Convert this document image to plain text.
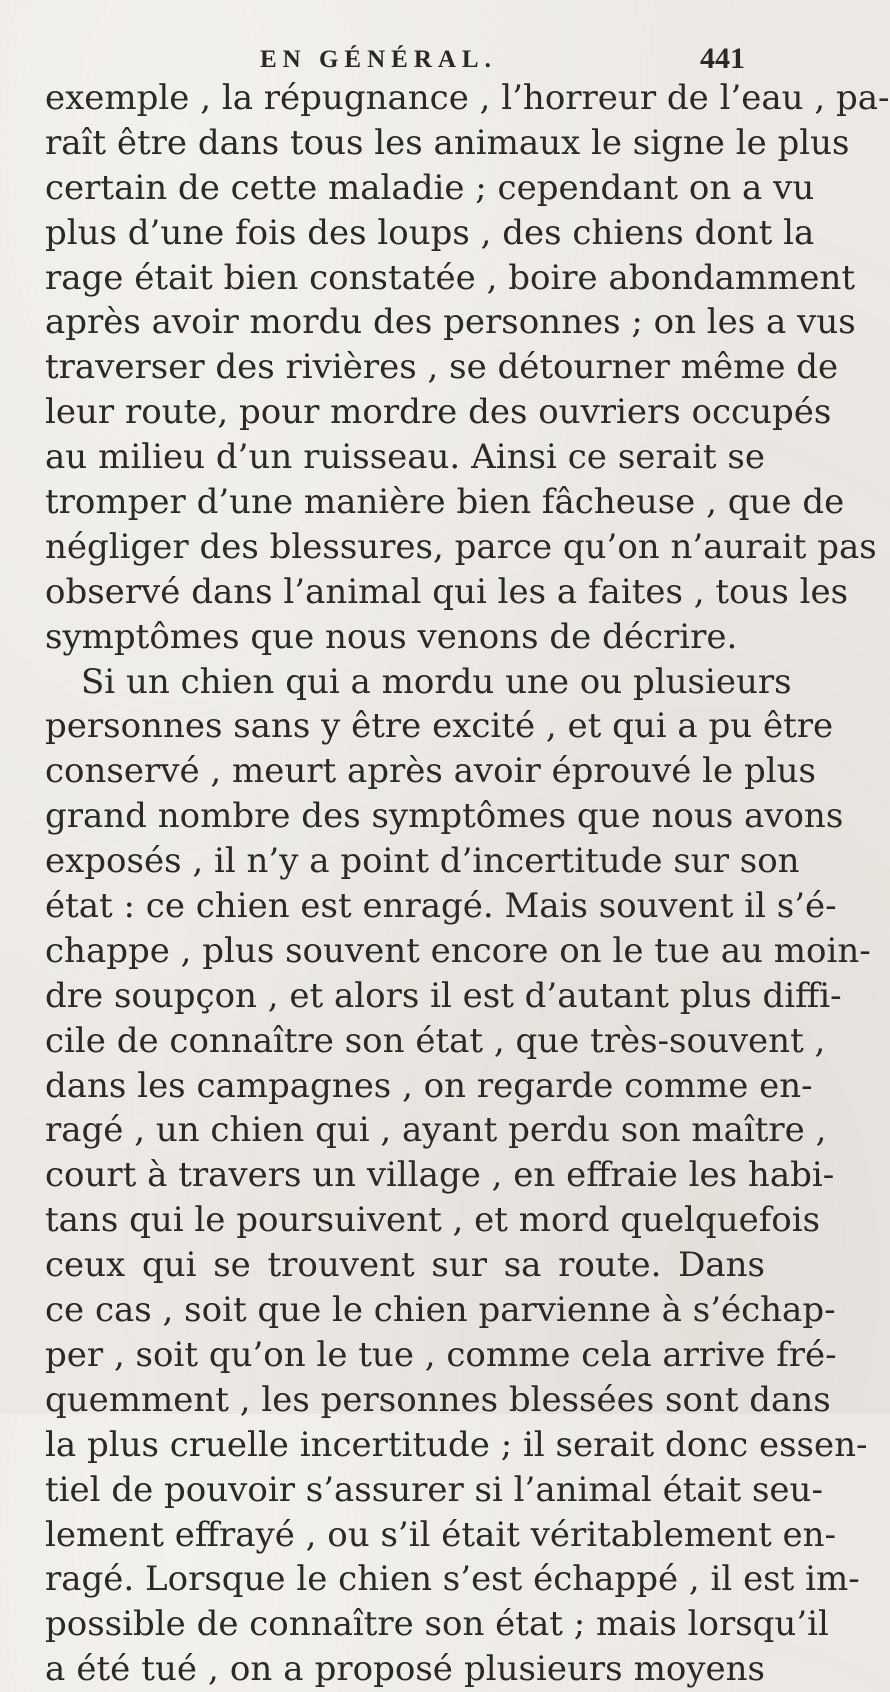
EN GÉNÉRAL.	441
exemple , la répugnance , l’horreur de l’eau , pa-
raît être dans tous les animaux le signe le plus
certain de cette maladie ; cependant on a vu
plus d’une fois des loups , des chiens dont la
rage était bien constatée , boire abondamment
après avoir mordu des personnes ; on les a vus
traverser des rivières , se détourner même de
leur route, pour mordre des ouvriers occupés
au milieu d’un ruisseau. Ainsi ce serait se
tromper d’une manière bien fâcheuse , que de
négliger des blessures, parce qu’on n’aurait pas
observé dans l’animal qui les a faites , tous les
symptômes que nous venons de décrire.
Si un chien qui a mordu une ou plusieurs
personnes sans y être excité , et qui a pu être
conservé , meurt après avoir éprouvé le plus
grand nombre des symptômes que nous avons
exposés , il n’y a point d’incertitude sur son
état : ce chien est enragé. Mais souvent il s’é-
chappe , plus souvent encore on le tue au moin-
dre soupçon , et alors il est d’autant plus diffi-
cile de connaître son état , que très-souvent ,
dans les campagnes , on regarde comme en-
ragé , un chien qui , ayant perdu son maître ,
court à travers un village , en effraie les habi-
tans qui le poursuivent , et mord quelquefois
ceux qui se trouvent sur sa route. Dans
ce cas , soit que le chien parvienne à s’échap-
per , soit qu’on le tue , comme cela arrive fré-
quemment , les personnes blessées sont dans
la plus cruelle incertitude ; il serait donc essen-
tiel de pouvoir s’assurer si l’animal était seu-
lement effrayé , ou s’il était véritablement en-
ragé. Lorsque le chien s’est échappé , il est im-
possible de connaître son état ; mais lorsqu’il
a été tué , on a proposé plusieurs moyens
